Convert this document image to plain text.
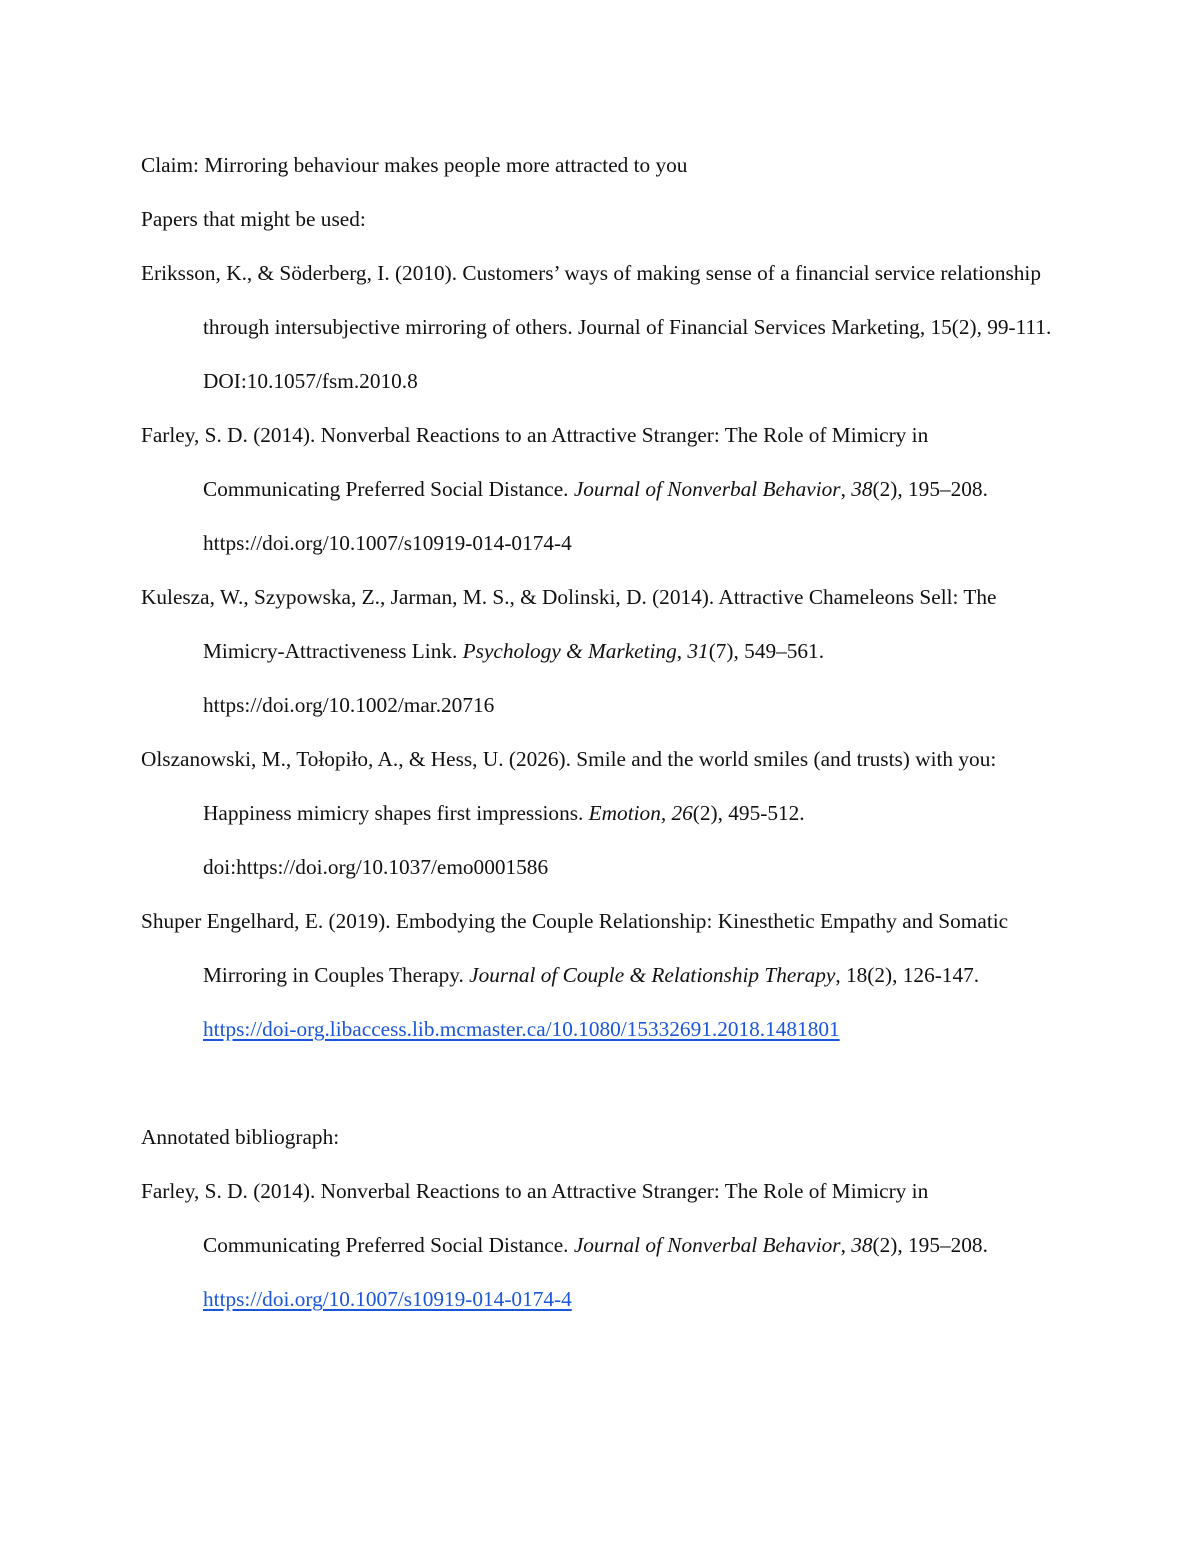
Claim: Mirroring behaviour makes people more attracted to you

Papers that might be used:

Eriksson, K., & Söderberg, I. (2010). Customers’ ways of making sense of a financial service relationship through intersubjective mirroring of others. Journal of Financial Services Marketing, 15(2), 99-111. DOI:10.1057/fsm.2010.8

Farley, S. D. (2014). Nonverbal Reactions to an Attractive Stranger: The Role of Mimicry in Communicating Preferred Social Distance. Journal of Nonverbal Behavior, 38(2), 195–208. https://doi.org/10.1007/s10919-014-0174-4

Kulesza, W., Szypowska, Z., Jarman, M. S., & Dolinski, D. (2014). Attractive Chameleons Sell: The Mimicry-Attractiveness Link. Psychology & Marketing, 31(7), 549–561. https://doi.org/10.1002/mar.20716

Olszanowski, M., Tołopiło, A., & Hess, U. (2026). Smile and the world smiles (and trusts) with you: Happiness mimicry shapes first impressions. Emotion, 26(2), 495-512. doi:https://doi.org/10.1037/emo0001586

Shuper Engelhard, E. (2019). Embodying the Couple Relationship: Kinesthetic Empathy and Somatic Mirroring in Couples Therapy. Journal of Couple & Relationship Therapy, 18(2), 126-147. https://doi-org.libaccess.lib.mcmaster.ca/10.1080/15332691.2018.1481801

Annotated bibliograph:

Farley, S. D. (2014). Nonverbal Reactions to an Attractive Stranger: The Role of Mimicry in Communicating Preferred Social Distance. Journal of Nonverbal Behavior, 38(2), 195–208. https://doi.org/10.1007/s10919-014-0174-4
